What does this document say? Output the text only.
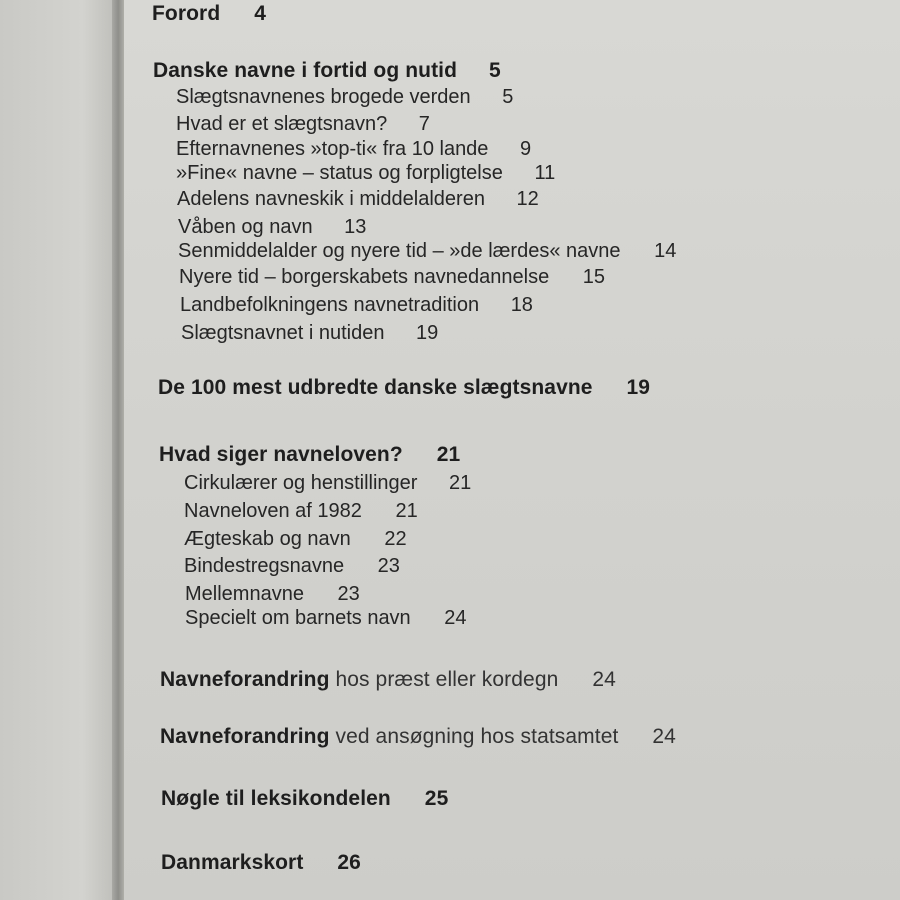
Forord 4
Danske navne i fortid og nutid 5
Slægtsnavnenes brogede verden 5
Hvad er et slægtsnavn? 7
Efternavnenes »top-ti« fra 10 lande 9
»Fine« navne – status og forpligtelse 11
Adelens navneskik i middelalderen 12
Våben og navn 13
Senmiddelalder og nyere tid – »de lærdes« navne 14
Nyere tid – borgerskabets navnedannelse 15
Landbefolkningens navnetradition 18
Slægtsnavnet i nutiden 19
De 100 mest udbredte danske slægtsnavne 19
Hvad siger navneloven? 21
Cirkulærer og henstillinger 21
Navneloven af 1982 21
Ægteskab og navn 22
Bindestregsnavne 23
Mellemnavne 23
Specielt om barnets navn 24
Navneforandring hos præst eller kordegn 24
Navneforandring ved ansøgning hos statsamtet 24
Nøgle til leksikondelen 25
Danmarkskort 26
